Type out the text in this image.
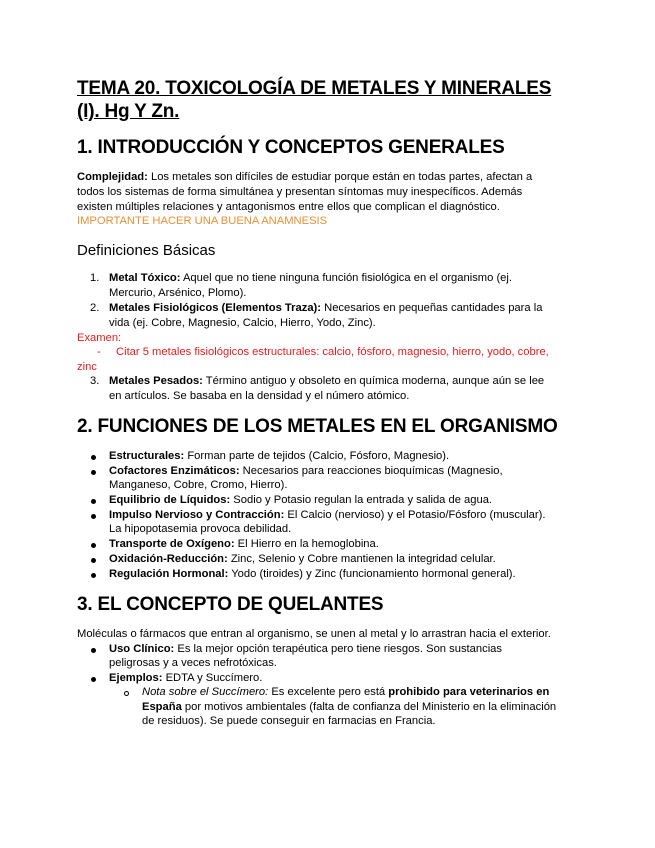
TEMA 20. TOXICOLOGÍA DE METALES Y MINERALES
(I). Hg Y Zn.
1. INTRODUCCIÓN Y CONCEPTOS GENERALES
Complejidad: Los metales son difíciles de estudiar porque están en todas partes, afectan a
todos los sistemas de forma simultánea y presentan síntomas muy inespecíficos. Además
existen múltiples relaciones y antagonismos entre ellos que complican el diagnóstico.
IMPORTANTE HACER UNA BUENA ANAMNESIS
Definiciones Básicas
1. Metal Tóxico: Aquel que no tiene ninguna función fisiológica en el organismo (ej.
Mercurio, Arsénico, Plomo).
2. Metales Fisiológicos (Elementos Traza): Necesarios en pequeñas cantidades para la
vida (ej. Cobre, Magnesio, Calcio, Hierro, Yodo, Zinc).
Examen:
- Citar 5 metales fisiológicos estructurales: calcio, fósforo, magnesio, hierro, yodo, cobre,
zinc
3. Metales Pesados: Término antiguo y obsoleto en química moderna, aunque aún se lee
en artículos. Se basaba en la densidad y el número atómico.
2. FUNCIONES DE LOS METALES EN EL ORGANISMO
Estructurales: Forman parte de tejidos (Calcio, Fósforo, Magnesio).
Cofactores Enzimáticos: Necesarios para reacciones bioquímicas (Magnesio,
Manganeso, Cobre, Cromo, Hierro).
Equilibrio de Líquidos: Sodio y Potasio regulan la entrada y salida de agua.
Impulso Nervioso y Contracción: El Calcio (nervioso) y el Potasio/Fósforo (muscular).
La hipopotasemia provoca debilidad.
Transporte de Oxígeno: El Hierro en la hemoglobina.
Oxidación-Reducción: Zinc, Selenio y Cobre mantienen la integridad celular.
Regulación Hormonal: Yodo (tiroides) y Zinc (funcionamiento hormonal general).
3. EL CONCEPTO DE QUELANTES
Moléculas o fármacos que entran al organismo, se unen al metal y lo arrastran hacia el exterior.
Uso Clínico: Es la mejor opción terapéutica pero tiene riesgos. Son sustancias
peligrosas y a veces nefrotóxicas.
Ejemplos: EDTA y Succímero.
Nota sobre el Succímero: Es excelente pero está prohibido para veterinarios en
España por motivos ambientales (falta de confianza del Ministerio en la eliminación
de residuos). Se puede conseguir en farmacias en Francia.
